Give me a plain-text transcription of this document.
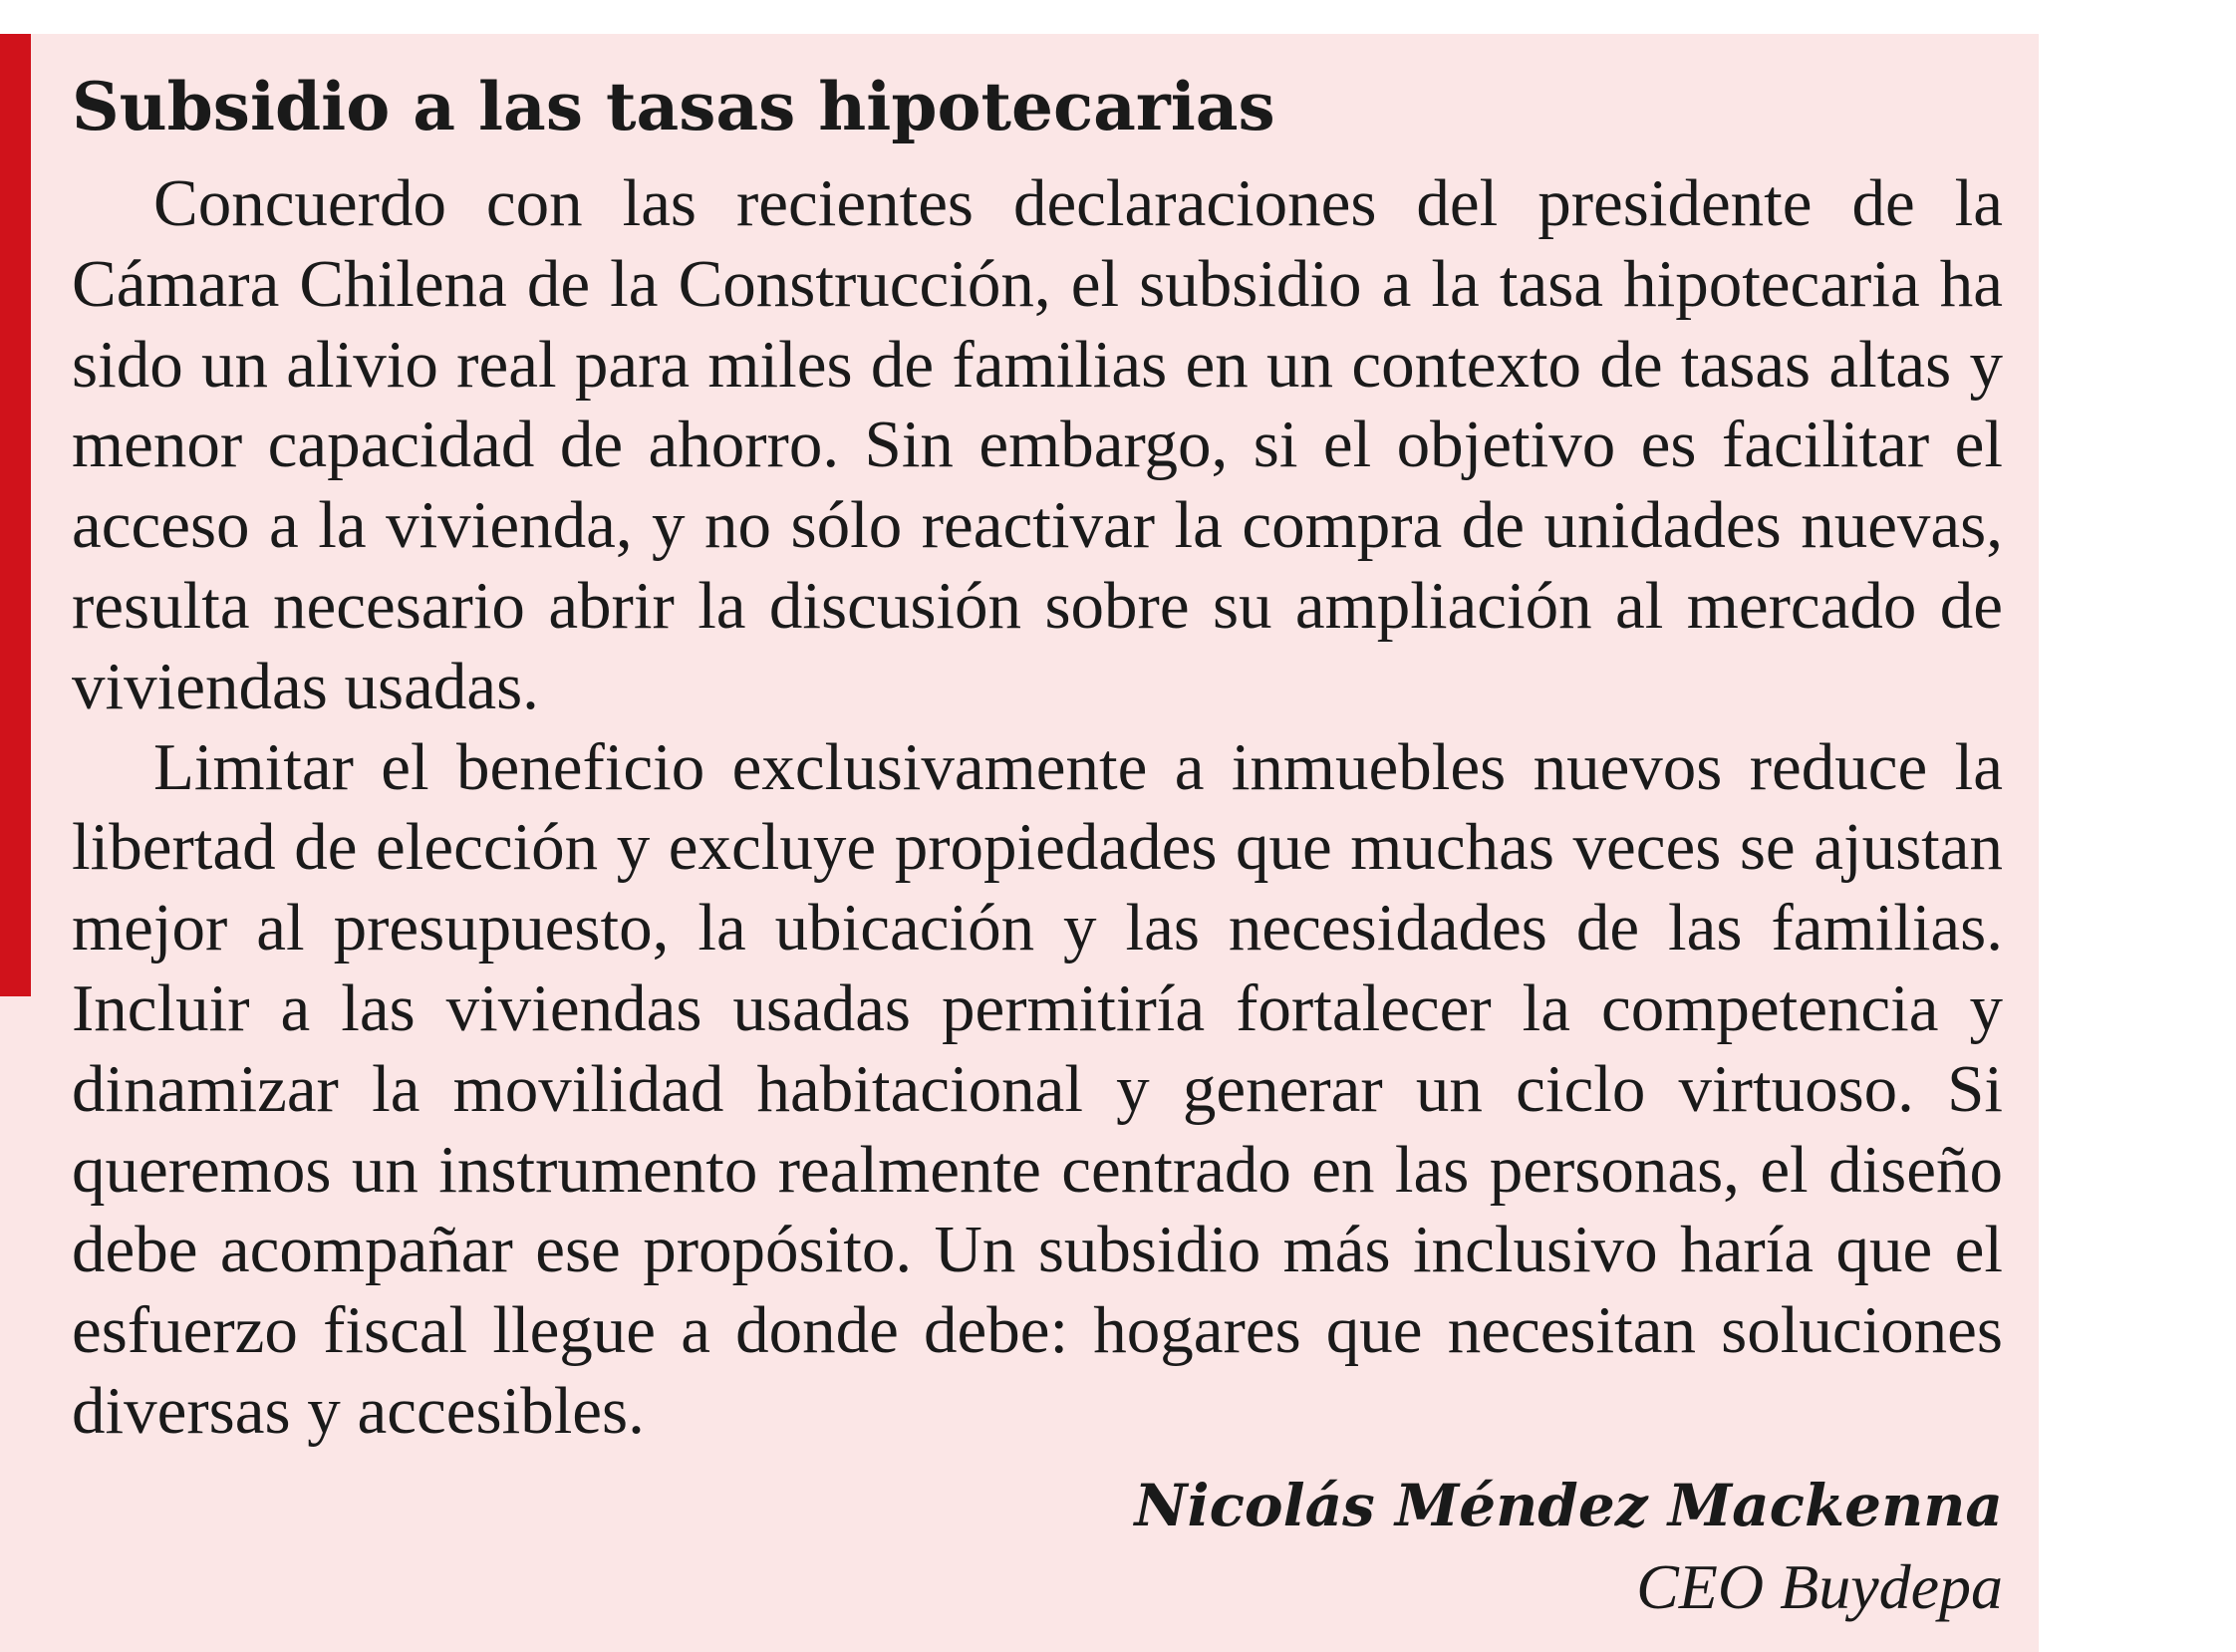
Subsidio a las tasas hipotecarias

Concuerdo con las recientes declaraciones del presidente de la Cámara Chilena de la Construcción, el subsidio a la tasa hipotecaria ha sido un alivio real para miles de familias en un contexto de tasas altas y menor capacidad de ahorro. Sin embargo, si el objetivo es facilitar el acceso a la vivienda, y no sólo reactivar la compra de unidades nuevas, resulta necesario abrir la discusión sobre su ampliación al mercado de viviendas usadas.

Limitar el beneficio exclusivamente a inmuebles nuevos reduce la libertad de elección y excluye propiedades que muchas veces se ajustan mejor al presupuesto, la ubicación y las necesidades de las familias. Incluir a las viviendas usadas permitiría fortalecer la competencia y dinamizar la movilidad habitacional y generar un ciclo virtuoso. Si queremos un instrumento realmente centrado en las personas, el diseño debe acompañar ese propósito. Un subsidio más inclusivo haría que el esfuerzo fiscal llegue a donde debe: hogares que necesitan soluciones diversas y accesibles.

Nicolás Méndez Mackenna

CEO Buydepa
